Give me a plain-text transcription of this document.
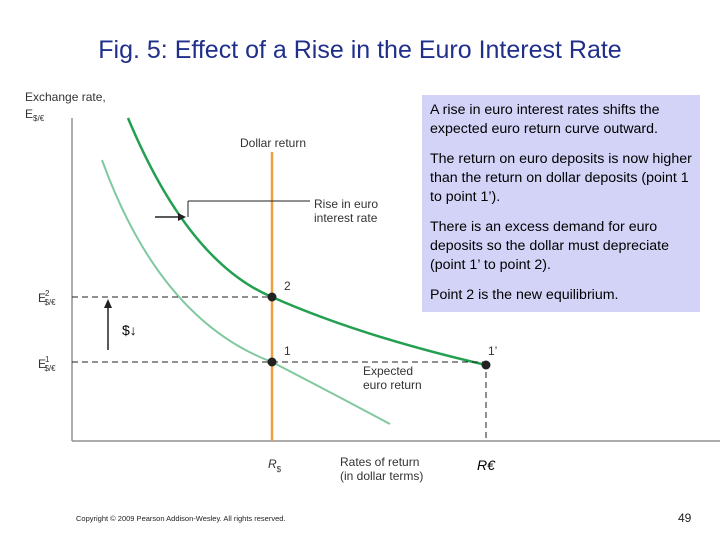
Fig. 5: Effect of a Rise in the Euro Interest Rate
Exchange rate,
$E_{\$/€}$
Dollar return
Rise in euro
interest rate
$↓
2
1	1’
E2 $/€
E1 $/€	Expected
euro return
$R_{\$}$
Rates of return
(in dollar terms)
R€

A rise in euro interest rates shifts the expected euro return curve outward.

The return on euro deposits is now higher than the return on dollar deposits (point 1 to point 1’).

There is an excess demand for euro deposits so the dollar must depreciate (point 1’ to point 2).

Point 2 is the new equilibrium.

Copyright © 2009 Pearson Addison-Wesley. All rights reserved.	49
